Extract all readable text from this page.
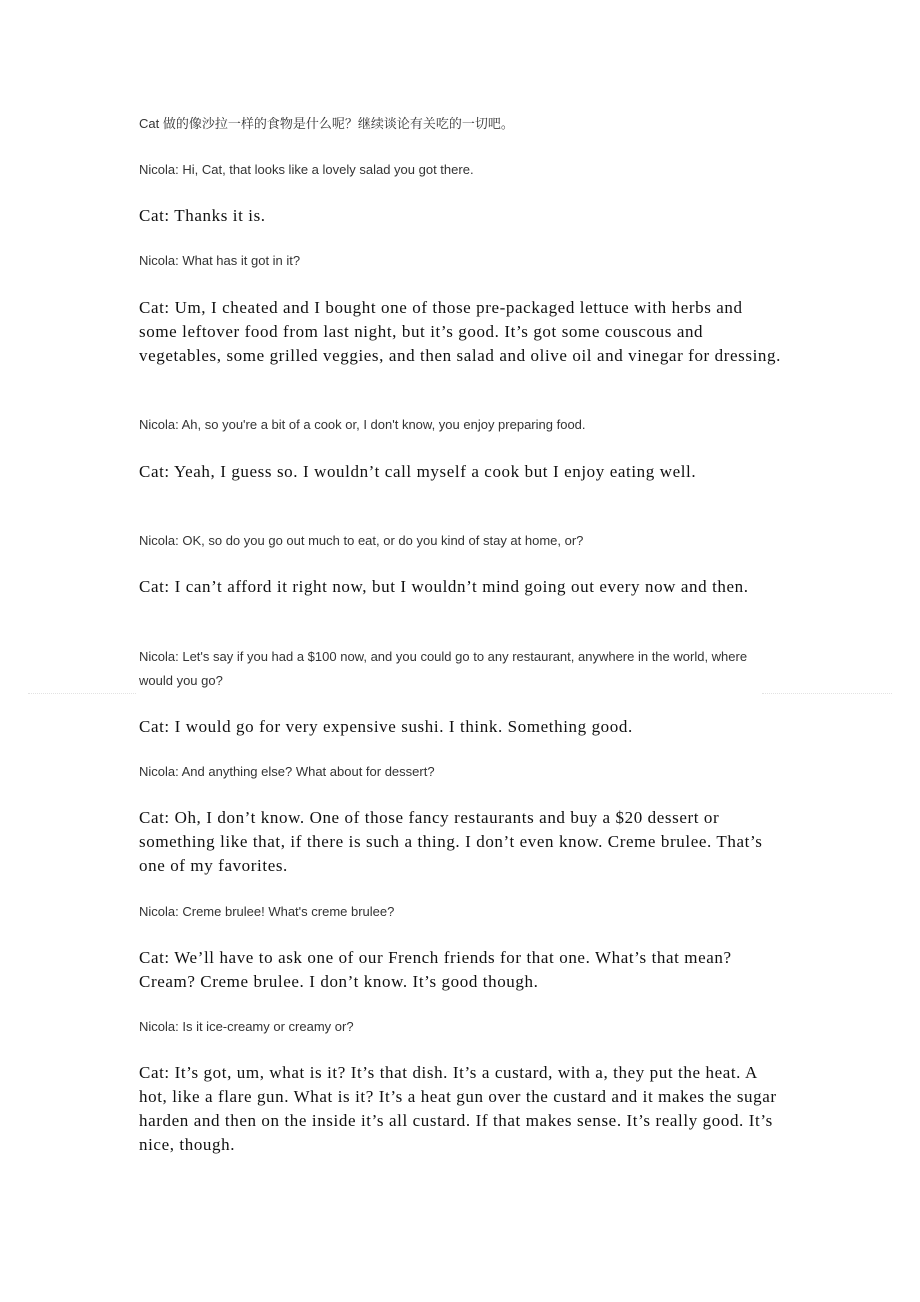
Cat 做的像沙拉一样的食物是什么呢？继续谈论有关吃的一切吧。

Nicola: Hi, Cat, that looks like a lovely salad you got there.

Cat: Thanks it is.

Nicola: What has it got in it?

Cat: Um, I cheated and I bought one of those pre-packaged lettuce with herbs and some leftover food from last night, but it’s good. It’s got some couscous and vegetables, some grilled veggies, and then salad and olive oil and vinegar for dressing.

Nicola: Ah, so you're a bit of a cook or, I don't know, you enjoy preparing food.

Cat: Yeah, I guess so. I wouldn’t call myself a cook but I enjoy eating well.

Nicola: OK, so do you go out much to eat, or do you kind of stay at home, or?

Cat: I can’t afford it right now, but I wouldn’t mind going out every now and then.

Nicola: Let's say if you had a $100 now, and you could go to any restaurant, anywhere in the world, where would you go?

Cat: I would go for very expensive sushi. I think. Something good.

Nicola: And anything else? What about for dessert?

Cat: Oh, I don’t know. One of those fancy restaurants and buy a $20 dessert or something like that, if there is such a thing. I don’t even know. Creme brulee. That’s one of my favorites.

Nicola: Creme brulee! What's creme brulee?

Cat: We’ll have to ask one of our French friends for that one. What’s that mean? Cream? Creme brulee. I don’t know. It’s good though.

Nicola: Is it ice-creamy or creamy or?

Cat: It’s got, um, what is it? It’s that dish. It’s a custard, with a, they put the heat. A hot, like a flare gun. What is it? It’s a heat gun over the custard and it makes the sugar harden and then on the inside it’s all custard. If that makes sense. It’s really good. It’s nice, though.
